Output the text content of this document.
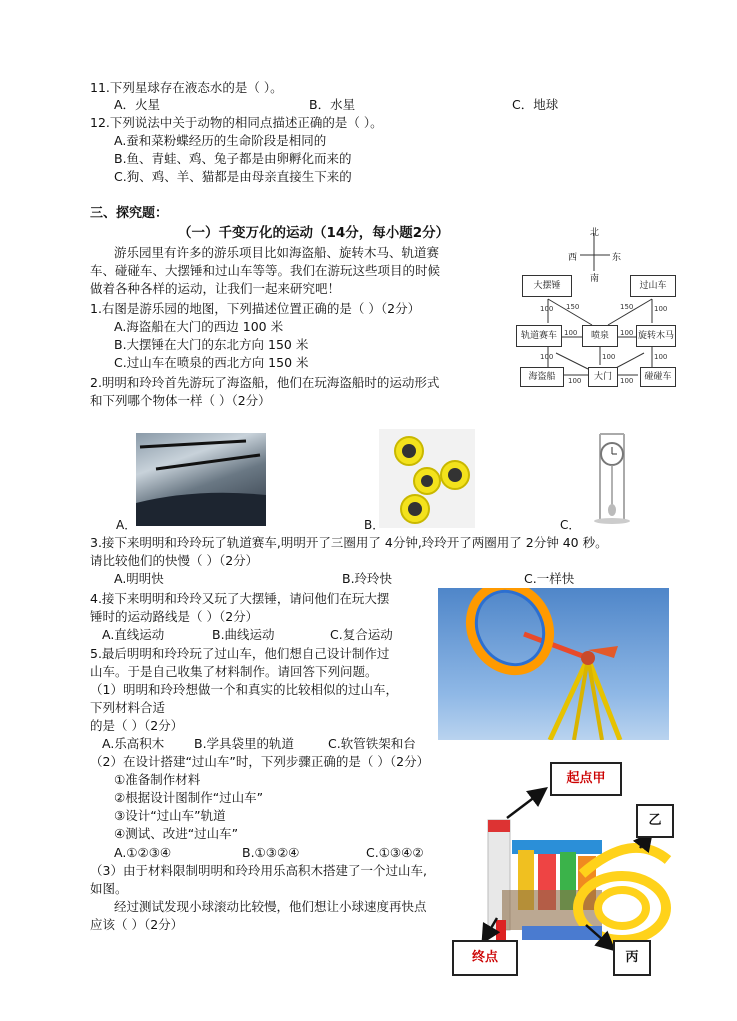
11.下列星球存在液态水的是（ ）。
A．火星	B．水星	C．地球
12.下列说法中关于动物的相同点描述正确的是（ ）。
A.蚕和菜粉蝶经历的生命阶段是相同的
B.鱼、青蛙、鸡、兔子都是由卵孵化而来的
C.狗、鸡、羊、猫都是由母亲直接生下来的
三、探究题：
（一）千变万化的运动（14分，每小题2分）
游乐园里有许多的游乐项目比如海盗船、旋转木马、轨道赛
车、碰碰车、大摆锤和过山车等等。我们在游玩这些项目的时候
做着各种各样的运动，让我们一起来研究吧！
1.右图是游乐园的地图，下列描述位置正确的是（ ）（2分）
A.海盗船在大门的西边 100 米
B.大摆锤在大门的东北方向 150 米
C.过山车在喷泉的西北方向 150 米
2.明明和玲玲首先游玩了海盗船，他们在玩海盗船时的运动形式
和下列哪个物体一样（ ）（2分）
北
西	东
南
大摆锤	过山车
轨道赛车	喷泉	旋转木马
海盗船	大门	碰碰车
100 150	150	100
100	100
100	100	100
100	100
A．	B．	C．
3.接下来明明和玲玲玩了轨道赛车,明明开了三圈用了 4分钟,玲玲开了两圈用了 2分钟 40 秒。
请比较他们的快慢（ ）（2分）
A.明明快	B.玲玲快	C.一样快
4.接下来明明和玲玲又玩了大摆锤，请问他们在玩大摆
锤时的运动路线是（ ）（2分）
A.直线运动	B.曲线运动	C.复合运动
5.最后明明和玲玲玩了过山车，他们想自己设计制作过
山车。于是自己收集了材料制作。请回答下列问题。
（1）明明和玲玲想做一个和真实的比较相似的过山车，
下列材料合适
的是（ ）（2分）
A.乐高积木 B.学具袋里的轨道	C.软管铁架和台
（2）在设计搭建“过山车”时，下列步骤正确的是（ ）（2分）
①准备制作材料
②根据设计图制作“过山车”
③设计“过山车”轨道
④测试、改进“过山车”
A.①②③④	B.①③②④	C.①③④②
（3）由于材料限制明明和玲玲用乐高积木搭建了一个过山车,
如图。
经过测试发现小球滚动比较慢，他们想让小球速度再快点
应该（ ）（2分）
起点甲
乙
终点	丙
